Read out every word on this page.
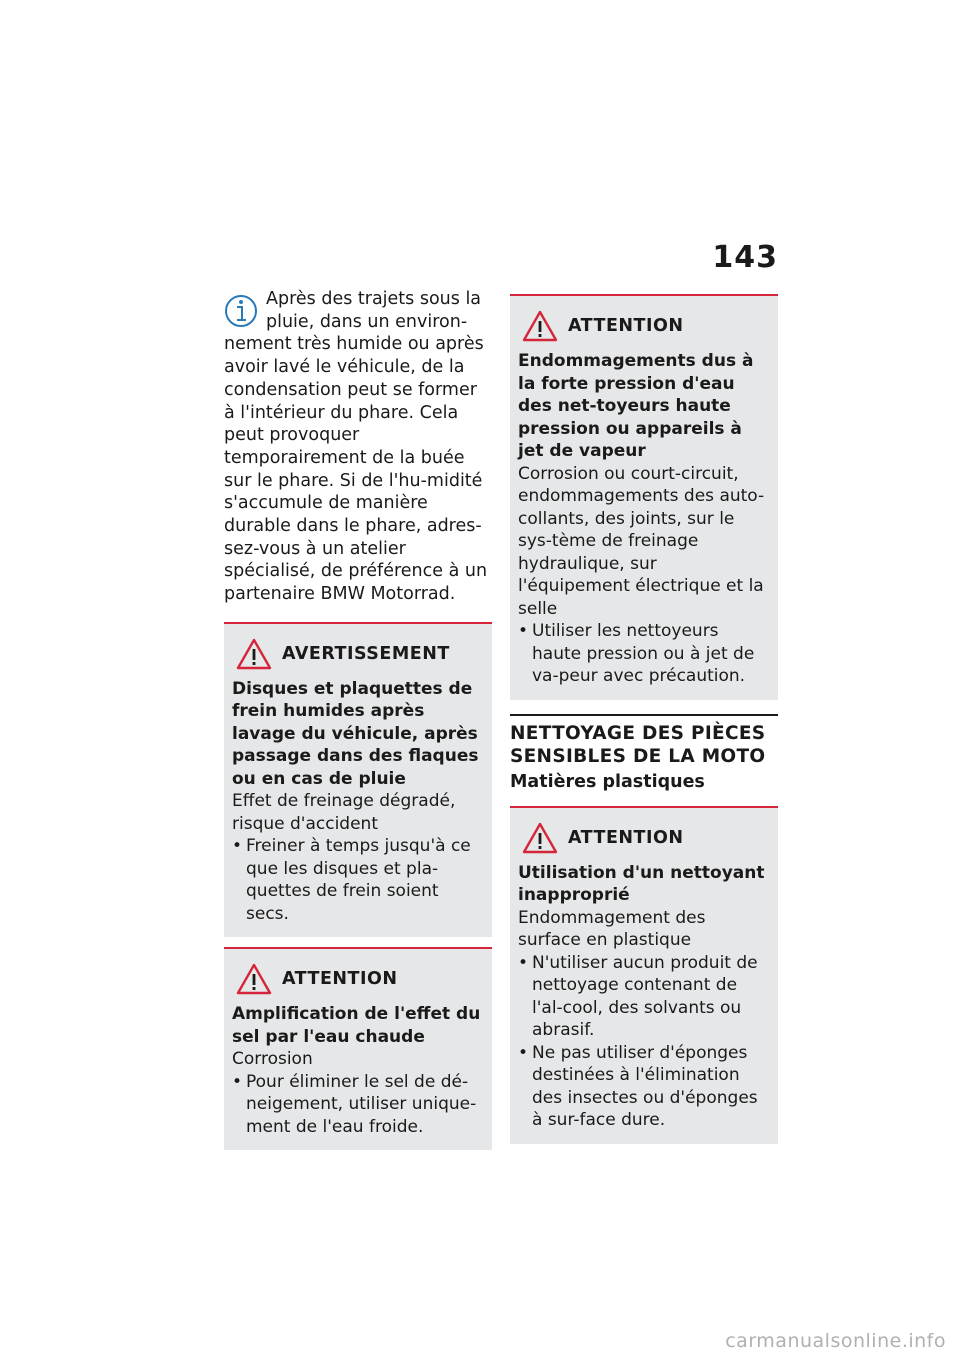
143

Après des trajets sous la pluie, dans un environ-nement très humide ou après avoir lavé le véhicule, de la condensation peut se former à l'intérieur du phare. Cela peut provoquer temporairement de la buée sur le phare. Si de l'hu-midité s'accumule de manière durable dans le phare, adres-sez-vous à un atelier spécialisé, de préférence à un partenaire BMW Motorrad.

AVERTISSEMENT

Disques et plaquettes de frein humides après lavage du véhicule, après passage dans des flaques ou en cas de pluie

Effet de freinage dégradé, risque d'accident

• Freiner à temps jusqu'à ce que les disques et pla-quettes de frein soient secs.
ATTENTION

Amplification de l'effet du sel par l'eau chaude

Corrosion

• Pour éliminer le sel de dé-neigement, utiliser unique-ment de l'eau froide.
ATTENTION

Endommagements dus à la forte pression d'eau des net-toyeurs haute pression ou appareils à jet de vapeur

Corrosion ou court-circuit, endommagements des auto-collants, des joints, sur le sys-tème de freinage hydraulique, sur l'équipement électrique et la selle

• Utiliser les nettoyeurs haute pression ou à jet de va-peur avec précaution.
NETTOYAGE DES PIÈCES SENSIBLES DE LA MOTO
Matières plastiques
ATTENTION

Utilisation d'un nettoyant inapproprié

Endommagement des surface en plastique

• N'utiliser aucun produit de nettoyage contenant de l'al-cool, des solvants ou abrasif.
• Ne pas utiliser d'éponges destinées à l'élimination des insectes ou d'éponges à sur-face dure.
carmanualsonline.info
